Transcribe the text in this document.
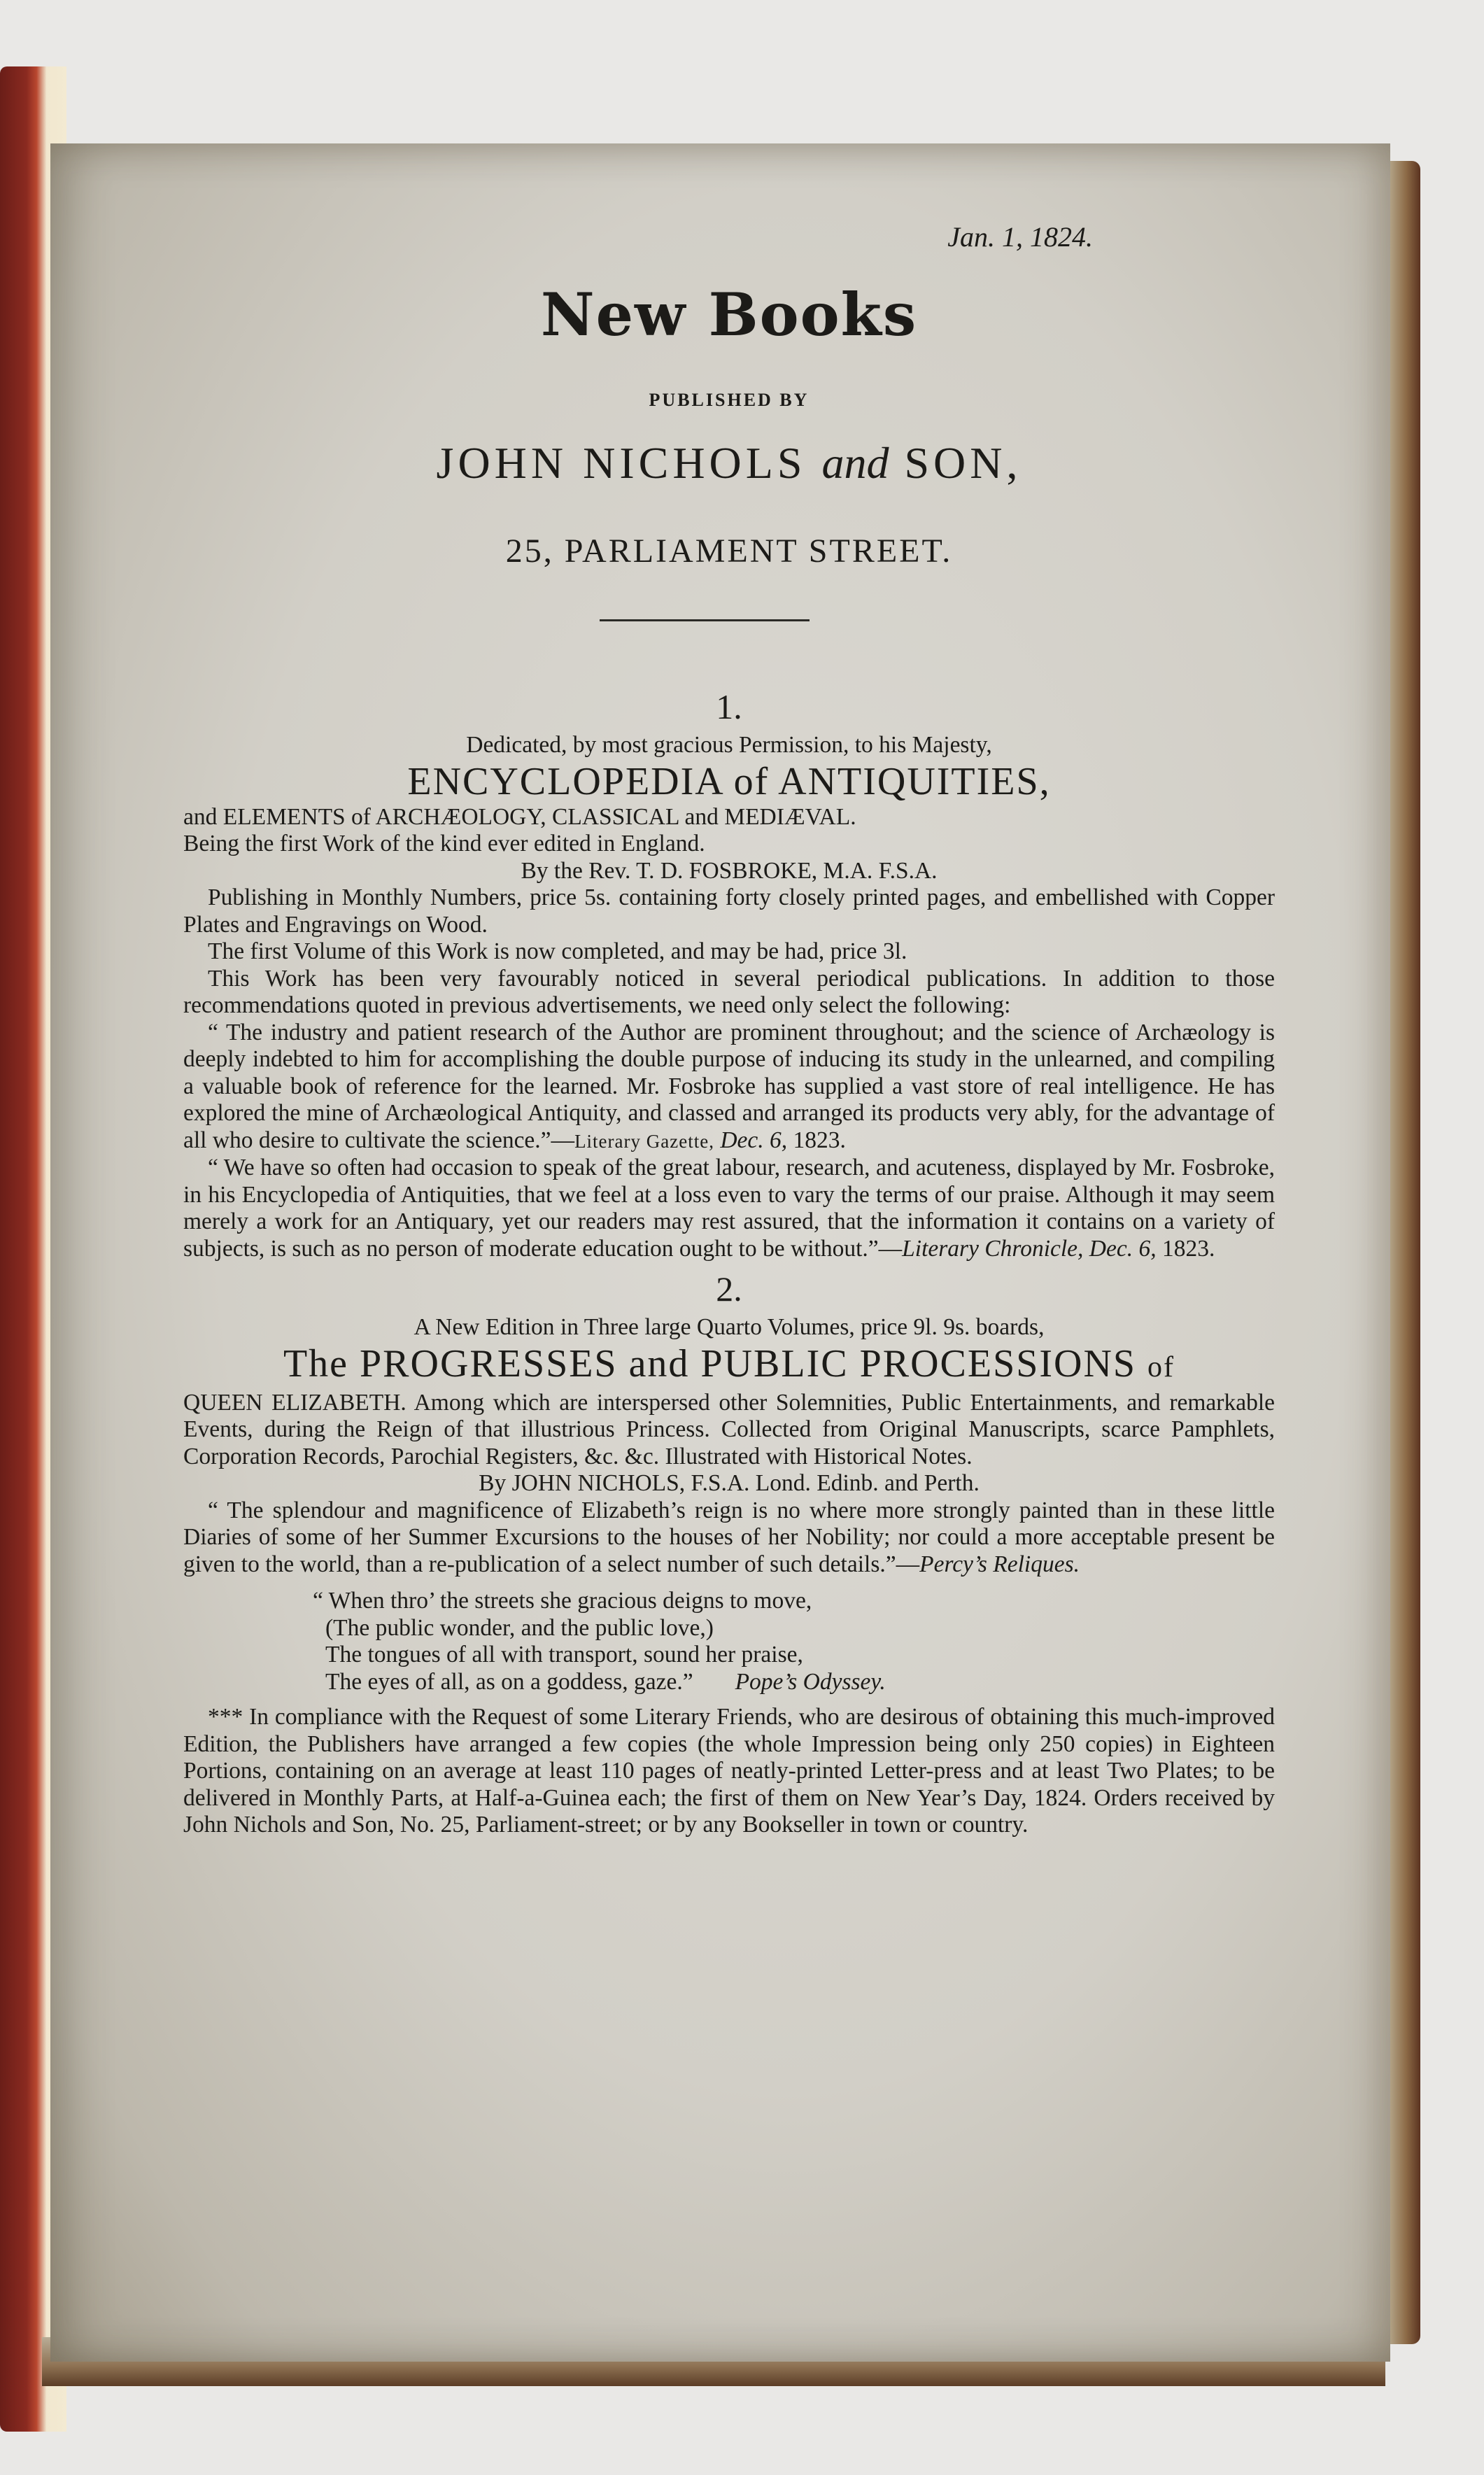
Jan. 1, 1824.
New Books
PUBLISHED BY
JOHN NICHOLS and SON,
25, PARLIAMENT STREET.
1.
Dedicated, by most gracious Permission, to his Majesty,
ENCYCLOPEDIA of ANTIQUITIES,
and ELEMENTS of ARCHÆOLOGY, CLASSICAL and MEDIÆVAL.
Being the first Work of the kind ever edited in England.
By the Rev. T. D. FOSBROKE, M.A. F.S.A.
Publishing in Monthly Numbers, price 5s. containing forty closely printed pages, and embellished with Copper Plates and Engravings on Wood.
The first Volume of this Work is now completed, and may be had, price 3l.
This Work has been very favourably noticed in several periodical publications. In addition to those recommendations quoted in previous advertisements, we need only select the following:
“ The industry and patient research of the Author are prominent throughout; and the science of Archæology is deeply indebted to him for accomplishing the double purpose of inducing its study in the unlearned, and compiling a valuable book of reference for the learned. Mr. Fosbroke has supplied a vast store of real intelligence. He has explored the mine of Archæological Antiquity, and classed and arranged its products very ably, for the advantage of all who desire to cultivate the science.”—Literary Gazette, Dec. 6, 1823.
“ We have so often had occasion to speak of the great labour, research, and acuteness, displayed by Mr. Fosbroke, in his Encyclopedia of Antiquities, that we feel at a loss even to vary the terms of our praise. Although it may seem merely a work for an Antiquary, yet our readers may rest assured, that the information it contains on a variety of subjects, is such as no person of moderate education ought to be without.”—Literary Chronicle, Dec. 6, 1823.
2.
A New Edition in Three large Quarto Volumes, price 9l. 9s. boards,
The PROGRESSES and PUBLIC PROCESSIONS of
QUEEN ELIZABETH. Among which are interspersed other Solemnities, Public Entertainments, and remarkable Events, during the Reign of that illustrious Princess. Collected from Original Manuscripts, scarce Pamphlets, Corporation Records, Parochial Registers, &c. &c. Illustrated with Historical Notes.
By JOHN NICHOLS, F.S.A. Lond. Edinb. and Perth.
“ The splendour and magnificence of Elizabeth’s reign is no where more strongly painted than in these little Diaries of some of her Summer Excursions to the houses of her Nobility; nor could a more acceptable present be given to the world, than a re-publication of a select number of such details.”—Percy’s Reliques.
“ When thro’ the streets she gracious deigns to move,
(The public wonder, and the public love,)
The tongues of all with transport, sound her praise,
The eyes of all, as on a goddess, gaze.” Pope’s Odyssey.
*** In compliance with the Request of some Literary Friends, who are desirous of obtaining this much-improved Edition, the Publishers have arranged a few copies (the whole Impression being only 250 copies) in Eighteen Portions, containing on an average at least 110 pages of neatly-printed Letter-press and at least Two Plates; to be delivered in Monthly Parts, at Half-a-Guinea each; the first of them on New Year’s Day, 1824. Orders received by John Nichols and Son, No. 25, Parliament-street; or by any Bookseller in town or country.
